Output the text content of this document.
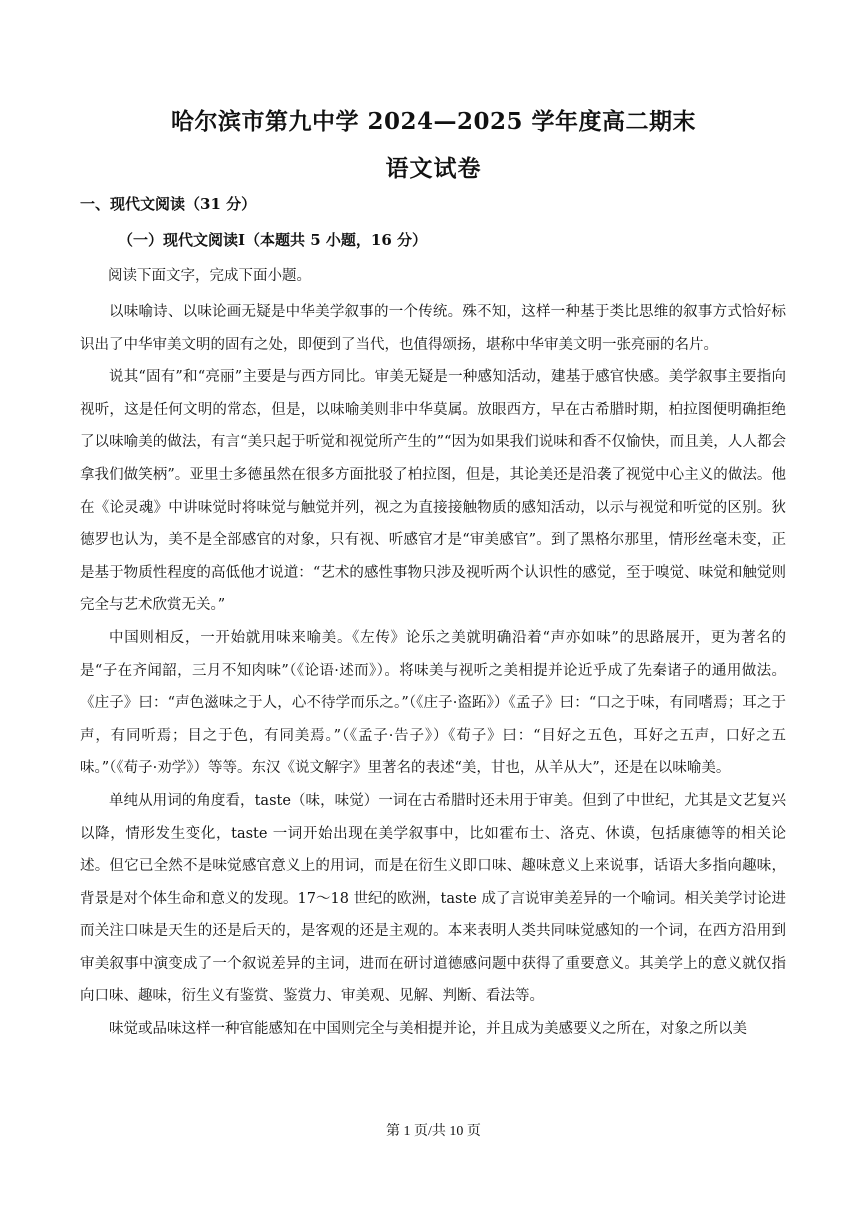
哈尔滨市第九中学 2024—2025 学年度高二期末
语文试卷
一、现代文阅读（31 分）
（一）现代文阅读Ⅰ（本题共 5 小题，16 分）
阅读下面文字，完成下面小题。

以味喻诗、以味论画无疑是中华美学叙事的一个传统。殊不知，这样一种基于类比思维的叙事方式恰好标识出了中华审美文明的固有之处，即便到了当代，也值得颂扬，堪称中华审美文明一张亮丽的名片。

说其“固有”和“亮丽”主要是与西方同比。审美无疑是一种感知活动，建基于感官快感。美学叙事主要指向视听，这是任何文明的常态，但是，以味喻美则非中华莫属。放眼西方，早在古希腊时期，柏拉图便明确拒绝了以味喻美的做法，有言“美只起于听觉和视觉所产生的”“因为如果我们说味和香不仅愉快，而且美，人人都会拿我们做笑柄”。亚里士多德虽然在很多方面批驳了柏拉图，但是，其论美还是沿袭了视觉中心主义的做法。他在《论灵魂》中讲味觉时将味觉与触觉并列，视之为直接接触物质的感知活动，以示与视觉和听觉的区别。狄德罗也认为，美不是全部感官的对象，只有视、听感官才是“审美感官”。到了黑格尔那里，情形丝毫未变，正是基于物质性程度的高低他才说道：“艺术的感性事物只涉及视听两个认识性的感觉，至于嗅觉、味觉和触觉则完全与艺术欣赏无关。”

中国则相反，一开始就用味来喻美。《左传》论乐之美就明确沿着“声亦如味”的思路展开，更为著名的是“子在齐闻韶，三月不知肉味”（《论语·述而》）。将味美与视听之美相提并论近乎成了先秦诸子的通用做法。《庄子》曰：“声色滋味之于人，心不待学而乐之。”（《庄子·盗跖》）《孟子》曰：“口之于味，有同嗜焉；耳之于声，有同听焉；目之于色，有同美焉。”（《孟子·告子》）《荀子》曰：“目好之五色，耳好之五声，口好之五味。”（《荀子·劝学》）等等。东汉《说文解字》里著名的表述“美，甘也，从羊从大”，还是在以味喻美。

单纯从用词的角度看，taste（味，味觉）一词在古希腊时还未用于审美。但到了中世纪，尤其是文艺复兴以降，情形发生变化，taste 一词开始出现在美学叙事中，比如霍布士、洛克、休谟，包括康德等的相关论述。但它已全然不是味觉感官意义上的用词，而是在衍生义即口味、趣味意义上来说事，话语大多指向趣味，背景是对个体生命和意义的发现。17～18 世纪的欧洲，taste 成了言说审美差异的一个喻词。相关美学讨论进而关注口味是天生的还是后天的，是客观的还是主观的。本来表明人类共同味觉感知的一个词，在西方沿用到审美叙事中演变成了一个叙说差异的主词，进而在研讨道德感问题中获得了重要意义。其美学上的意义就仅指向口味、趣味，衍生义有鉴赏、鉴赏力、审美观、见解、判断、看法等。

味觉或品味这样一种官能感知在中国则完全与美相提并论，并且成为美感要义之所在，对象之所以美

第 1 页/共 10 页
